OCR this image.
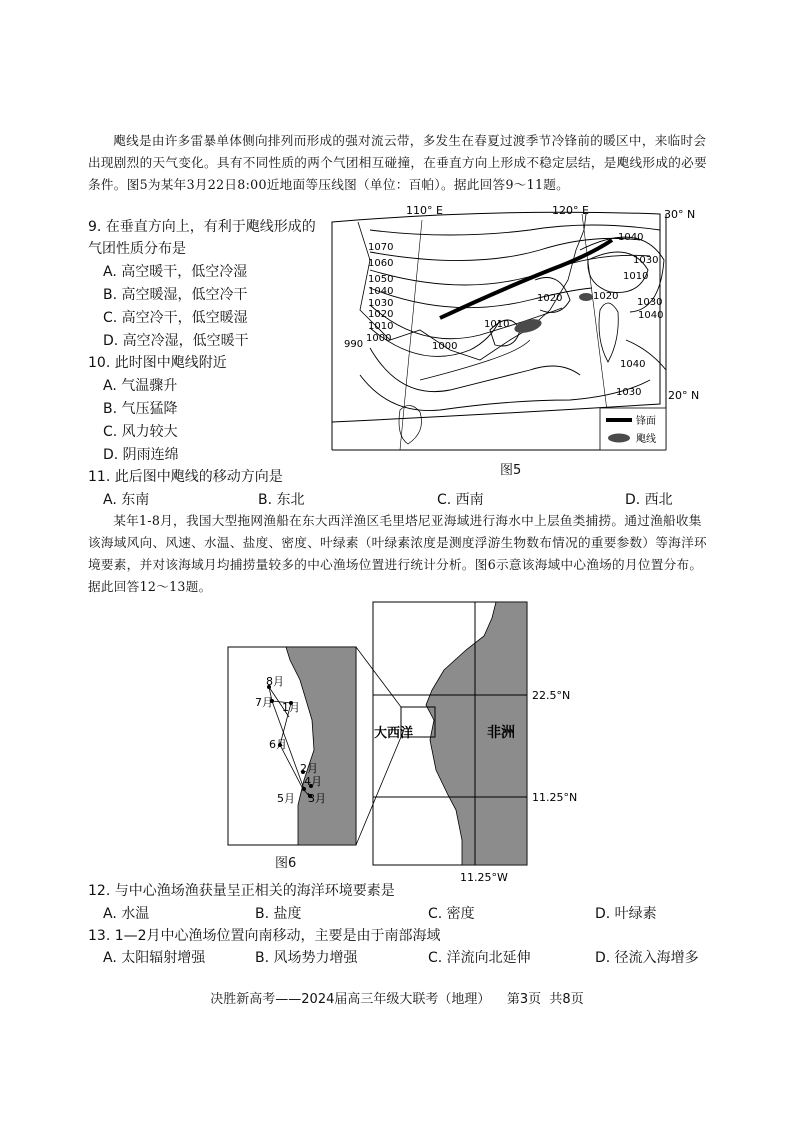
飑线是由许多雷暴单体侧向排列而形成的强对流云带，多发生在春夏过渡季节冷锋前的暖区中，来临时会出现剧烈的天气变化。具有不同性质的两个气团相互碰撞，在垂直方向上形成不稳定层结，是飑线形成的必要条件。图5为某年3月22日8:00近地面等压线图（单位：百帕）。据此回答9～11题。
9. 在垂直方向上，有利于飑线形成的
气团性质分布是
A. 高空暖干，低空冷湿
B. 高空暖湿，低空冷干
C. 高空冷干，低空暖湿
D. 高空冷湿，低空暖干
10. 此时图中飑线附近
A. 气温骤升
B. 气压猛降
C. 风力较大
D. 阴雨连绵
11. 此后图中飑线的移动方向是
A. 东南	B. 东北	C. 西南	D. 西北
110° E	120° E	30° N
20° N
1070
1060
1050
1040
1030
1020
1010
1000
990
1040
1030
1010
1020
1010
1000
1020
1030
1040
1040
1030
锋面
飑线
图5
某年1-8月，我国大型拖网渔船在东大西洋渔区毛里塔尼亚海域进行海水中上层鱼类捕捞。通过渔船收集该海域风向、风速、水温、盐度、密度、叶绿素（叶绿素浓度是测度浮游生物数布情况的重要参数）等海洋环境要素，并对该海域月均捕捞量较多的中心渔场位置进行统计分析。图6示意该海域中心渔场的月位置分布。据此回答12～13题。
8月
7月 1月
6月
2月
4月
5月 3月
大西洋	非洲
22.5°N
11.25°N
11.25°W
图6
12. 与中心渔场渔获量呈正相关的海洋环境要素是
A. 水温	B. 盐度	C. 密度	D. 叶绿素
13. 1—2月中心渔场位置向南移动，主要是由于南部海域
A. 太阳辐射增强	B. 风场势力增强	C. 洋流向北延伸	D. 径流入海增多
决胜新高考——2024届高三年级大联考（地理）    第3页  共8页
